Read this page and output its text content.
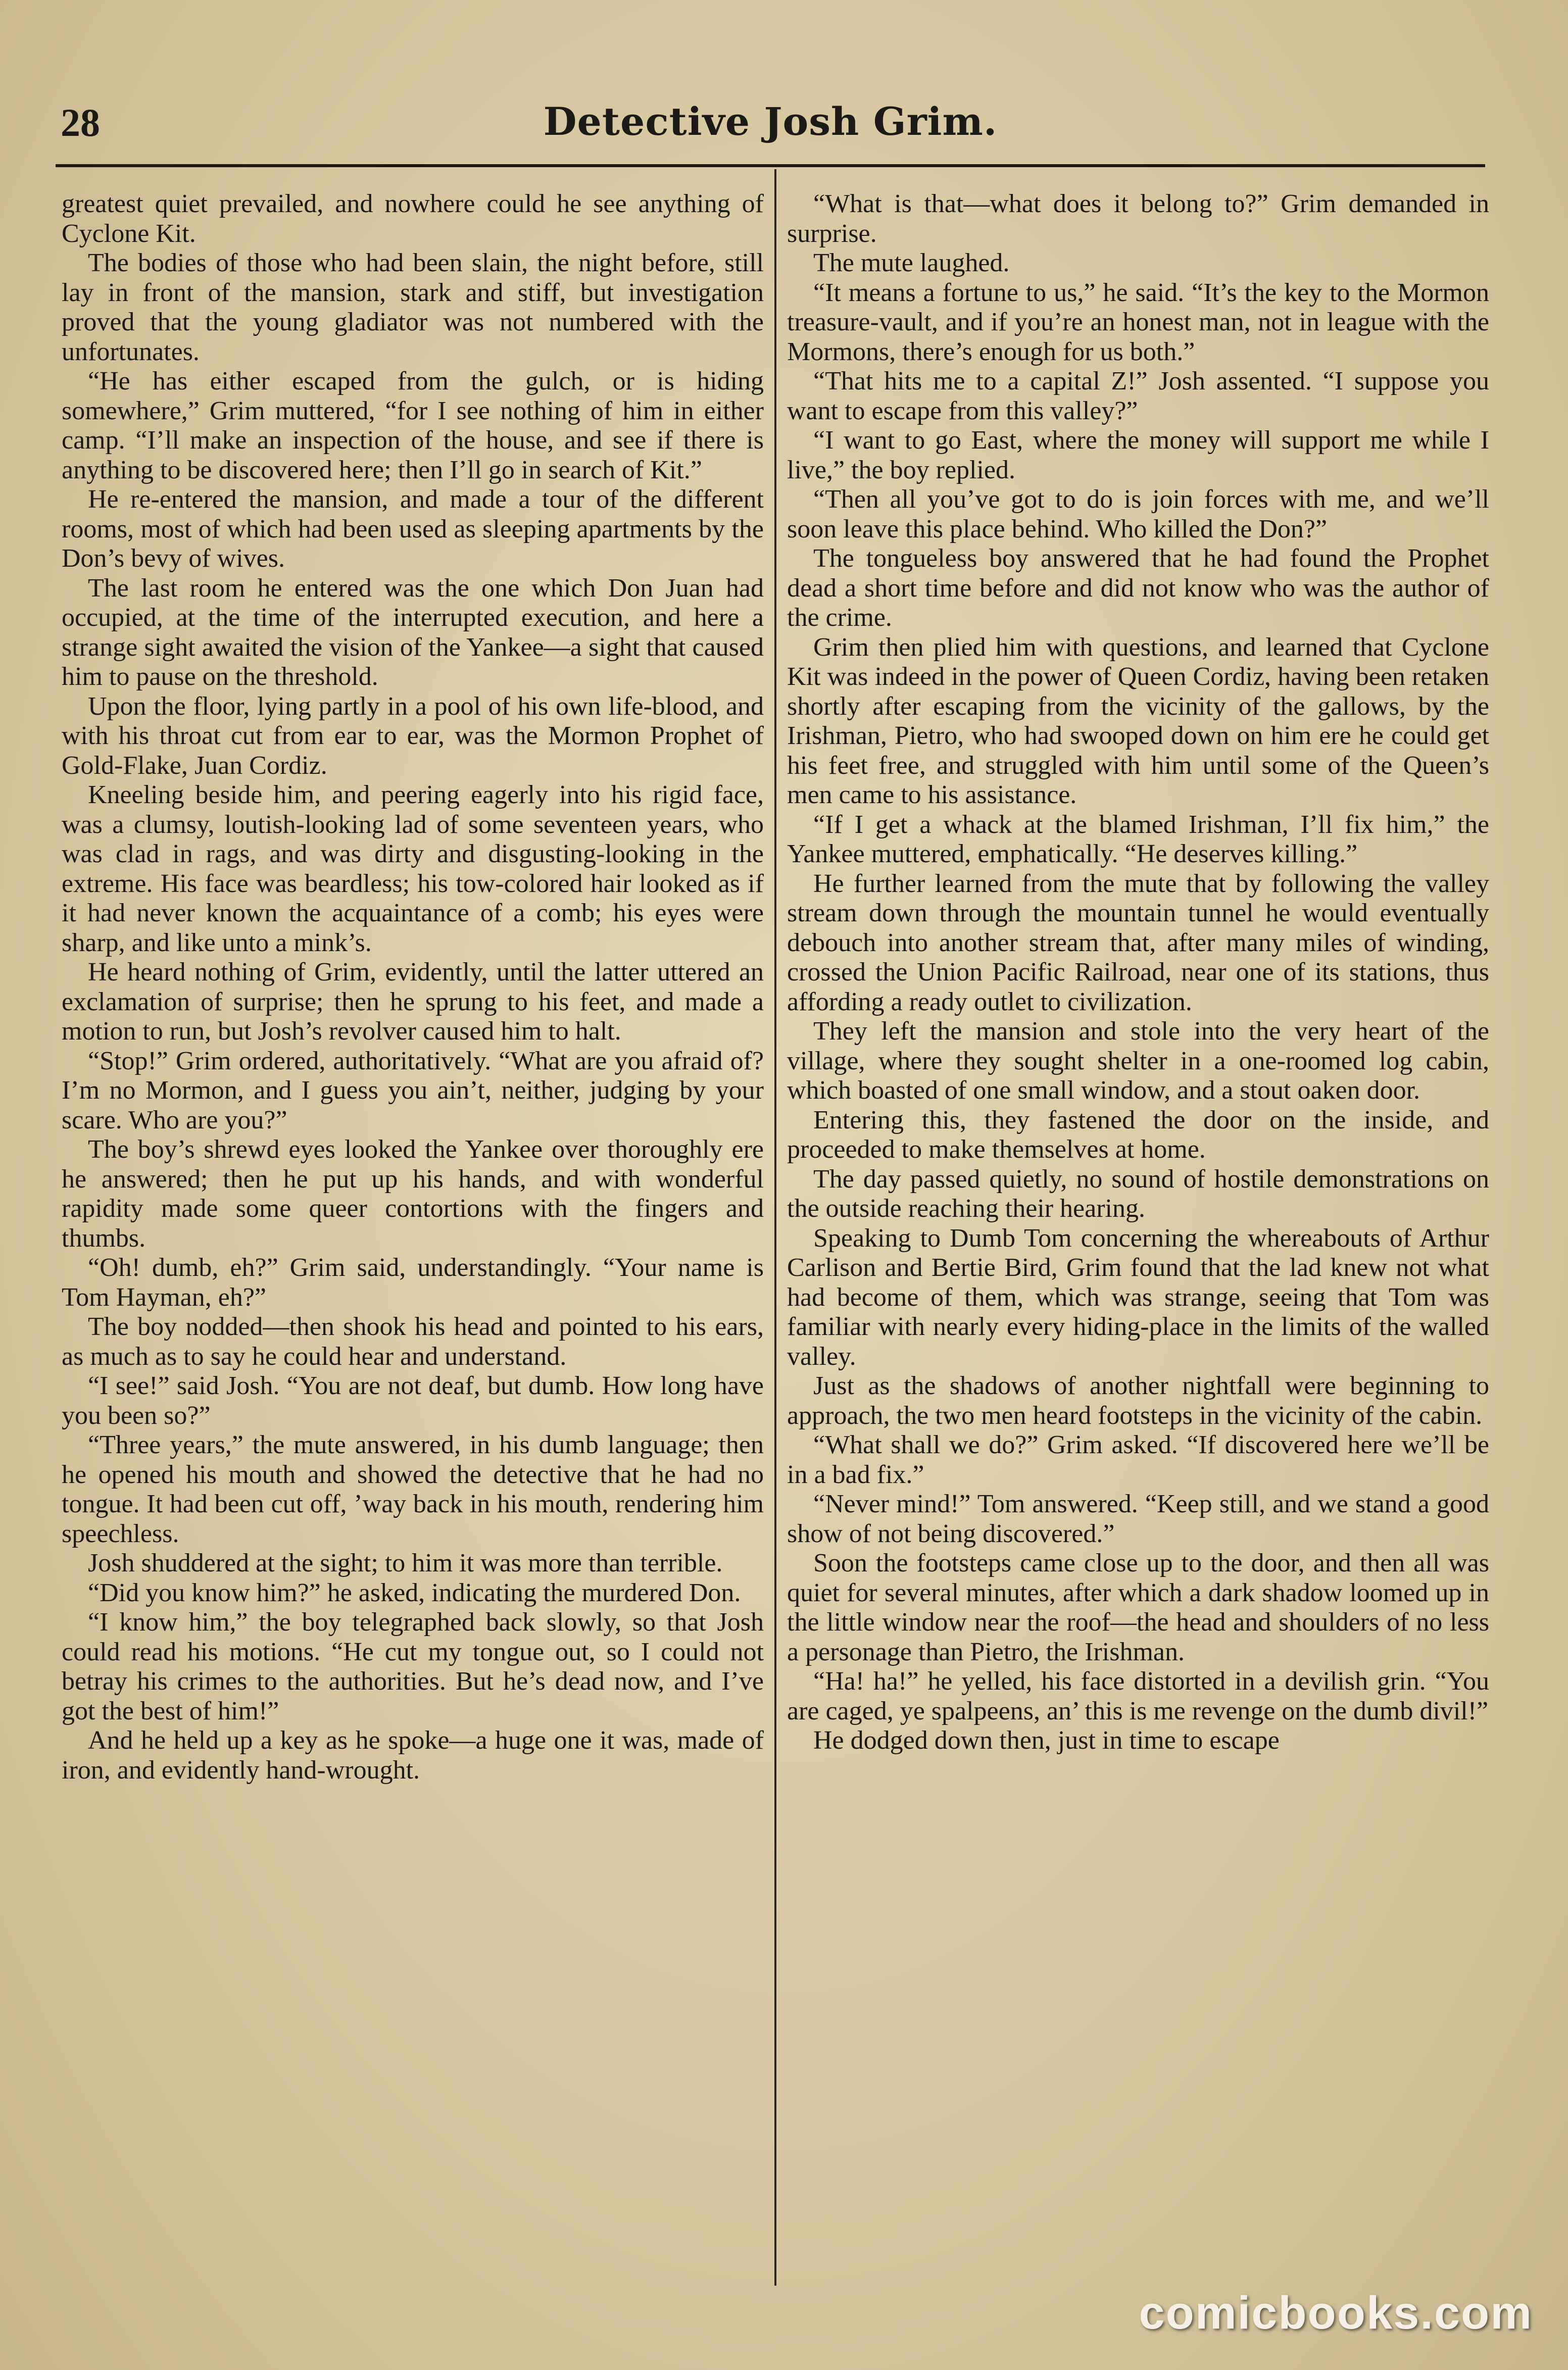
28	Detective Josh Grim.

greatest quiet prevailed, and nowhere could he see anything of Cyclone Kit.

The bodies of those who had been slain, the night before, still lay in front of the mansion, stark and stiff, but investigation proved that the young gladiator was not numbered with the unfortunates.

“He has either escaped from the gulch, or is hiding somewhere,” Grim muttered, “for I see nothing of him in either camp. “I’ll make an inspection of the house, and see if there is anything to be discovered here; then I’ll go in search of Kit.”

He re-entered the mansion, and made a tour of the different rooms, most of which had been used as sleeping apartments by the Don’s bevy of wives.

The last room he entered was the one which Don Juan had occupied, at the time of the interrupted execution, and here a strange sight awaited the vision of the Yankee—a sight that caused him to pause on the threshold.

Upon the floor, lying partly in a pool of his own life-blood, and with his throat cut from ear to ear, was the Mormon Prophet of Gold-Flake, Juan Cordiz.

Kneeling beside him, and peering eagerly into his rigid face, was a clumsy, loutish-looking lad of some seventeen years, who was clad in rags, and was dirty and disgusting-looking in the extreme. His face was beardless; his tow-colored hair looked as if it had never known the acquaintance of a comb; his eyes were sharp, and like unto a mink’s.

He heard nothing of Grim, evidently, until the latter uttered an exclamation of surprise; then he sprung to his feet, and made a motion to run, but Josh’s revolver caused him to halt.

“Stop!” Grim ordered, authoritatively. “What are you afraid of? I’m no Mormon, and I guess you ain’t, neither, judging by your scare. Who are you?”

The boy’s shrewd eyes looked the Yankee over thoroughly ere he answered; then he put up his hands, and with wonderful rapidity made some queer contortions with the fingers and thumbs.

“Oh! dumb, eh?” Grim said, understandingly. “Your name is Tom Hayman, eh?”

The boy nodded—then shook his head and pointed to his ears, as much as to say he could hear and understand.

“I see!” said Josh. “You are not deaf, but dumb. How long have you been so?”

“Three years,” the mute answered, in his dumb language; then he opened his mouth and showed the detective that he had no tongue. It had been cut off, ’way back in his mouth, rendering him speechless.

Josh shuddered at the sight; to him it was more than terrible.

“Did you know him?” he asked, indicating the murdered Don.

“I know him,” the boy telegraphed back slowly, so that Josh could read his motions. “He cut my tongue out, so I could not betray his crimes to the authorities. But he’s dead now, and I’ve got the best of him!”

And he held up a key as he spoke—a huge one it was, made of iron, and evidently hand-wrought.

“What is that—what does it belong to?” Grim demanded in surprise.

The mute laughed.

“It means a fortune to us,” he said. “It’s the key to the Mormon treasure-vault, and if you’re an honest man, not in league with the Mormons, there’s enough for us both.”

“That hits me to a capital Z!” Josh assented. “I suppose you want to escape from this valley?”

“I want to go East, where the money will support me while I live,” the boy replied.

“Then all you’ve got to do is join forces with me, and we’ll soon leave this place behind. Who killed the Don?”

The tongueless boy answered that he had found the Prophet dead a short time before and did not know who was the author of the crime.

Grim then plied him with questions, and learned that Cyclone Kit was indeed in the power of Queen Cordiz, having been retaken shortly after escaping from the vicinity of the gallows, by the Irishman, Pietro, who had swooped down on him ere he could get his feet free, and struggled with him until some of the Queen’s men came to his assistance.

“If I get a whack at the blamed Irishman, I’ll fix him,” the Yankee muttered, emphatically. “He deserves killing.”

He further learned from the mute that by following the valley stream down through the mountain tunnel he would eventually debouch into another stream that, after many miles of winding, crossed the Union Pacific Railroad, near one of its stations, thus affording a ready outlet to civilization.

They left the mansion and stole into the very heart of the village, where they sought shelter in a one-roomed log cabin, which boasted of one small window, and a stout oaken door.

Entering this, they fastened the door on the inside, and proceeded to make themselves at home.

The day passed quietly, no sound of hostile demonstrations on the outside reaching their hearing.

Speaking to Dumb Tom concerning the whereabouts of Arthur Carlison and Bertie Bird, Grim found that the lad knew not what had become of them, which was strange, seeing that Tom was familiar with nearly every hiding-place in the limits of the walled valley.

Just as the shadows of another nightfall were beginning to approach, the two men heard footsteps in the vicinity of the cabin.

“What shall we do?” Grim asked. “If discovered here we’ll be in a bad fix.”

“Never mind!” Tom answered. “Keep still, and we stand a good show of not being discovered.”

Soon the footsteps came close up to the door, and then all was quiet for several minutes, after which a dark shadow loomed up in the little window near the roof—the head and shoulders of no less a personage than Pietro, the Irishman.

“Ha! ha!” he yelled, his face distorted in a devilish grin. “You are caged, ye spalpeens, an’ this is me revenge on the dumb divil!”

He dodged down then, just in time to escape

comicbooks.com
